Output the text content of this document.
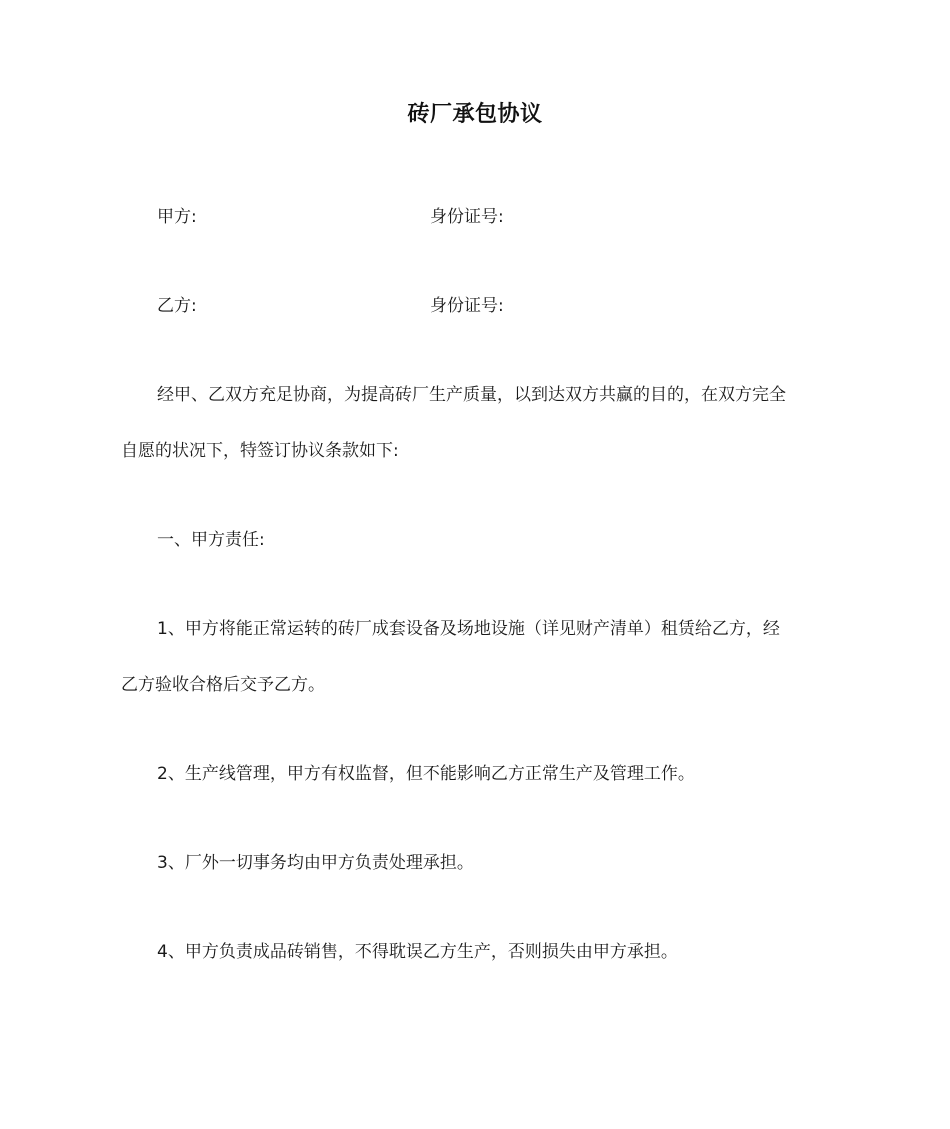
砖厂承包协议
甲方:	身份证号:
乙方:	身份证号:
经甲、乙双方充足协商，为提高砖厂生产质量，以到达双方共赢的目的，在双方完全
自愿的状况下，特签订协议条款如下:
一、甲方责任:
1、甲方将能正常运转的砖厂成套设备及场地设施（详见财产清单）租赁给乙方，经
乙方验收合格后交予乙方。
2、生产线管理，甲方有权监督，但不能影响乙方正常生产及管理工作。
3、厂外一切事务均由甲方负责处理承担。
4、甲方负责成品砖销售，不得耽误乙方生产，否则损失由甲方承担。
